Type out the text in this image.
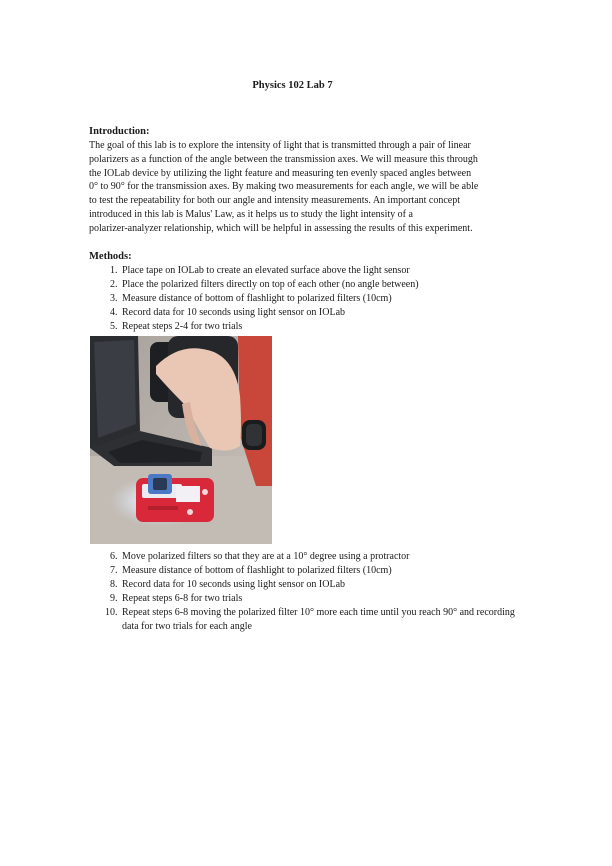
Physics 102 Lab 7
Introduction:
The goal of this lab is to explore the intensity of light that is transmitted through a pair of linear
polarizers as a function of the angle between the transmission axes. We will measure this through
the IOLab device by utilizing the light feature and measuring ten evenly spaced angles between
0° to 90° for the transmission axes. By making two measurements for each angle, we will be able
to test the repeatability for both our angle and intensity measurements. An important concept
introduced in this lab is Malus' Law, as it helps us to study the light intensity of a
polarizer-analyzer relationship, which will be helpful in assessing the results of this experiment.
Methods:
1. Place tape on IOLab to create an elevated surface above the light sensor
2. Place the polarized filters directly on top of each other (no angle between)
3. Measure distance of bottom of flashlight to polarized filters (10cm)
4. Record data for 10 seconds using light sensor on IOLab
5. Repeat steps 2-4 for two trials
6. Move polarized filters so that they are at a 10° degree using a protractor
7. Measure distance of bottom of flashlight to polarized filters (10cm)
8. Record data for 10 seconds using light sensor on IOLab
9. Repeat steps 6-8 for two trials
10. Repeat steps 6-8 moving the polarized filter 10° more each time until you reach 90° and recording data for two trials for each angle
